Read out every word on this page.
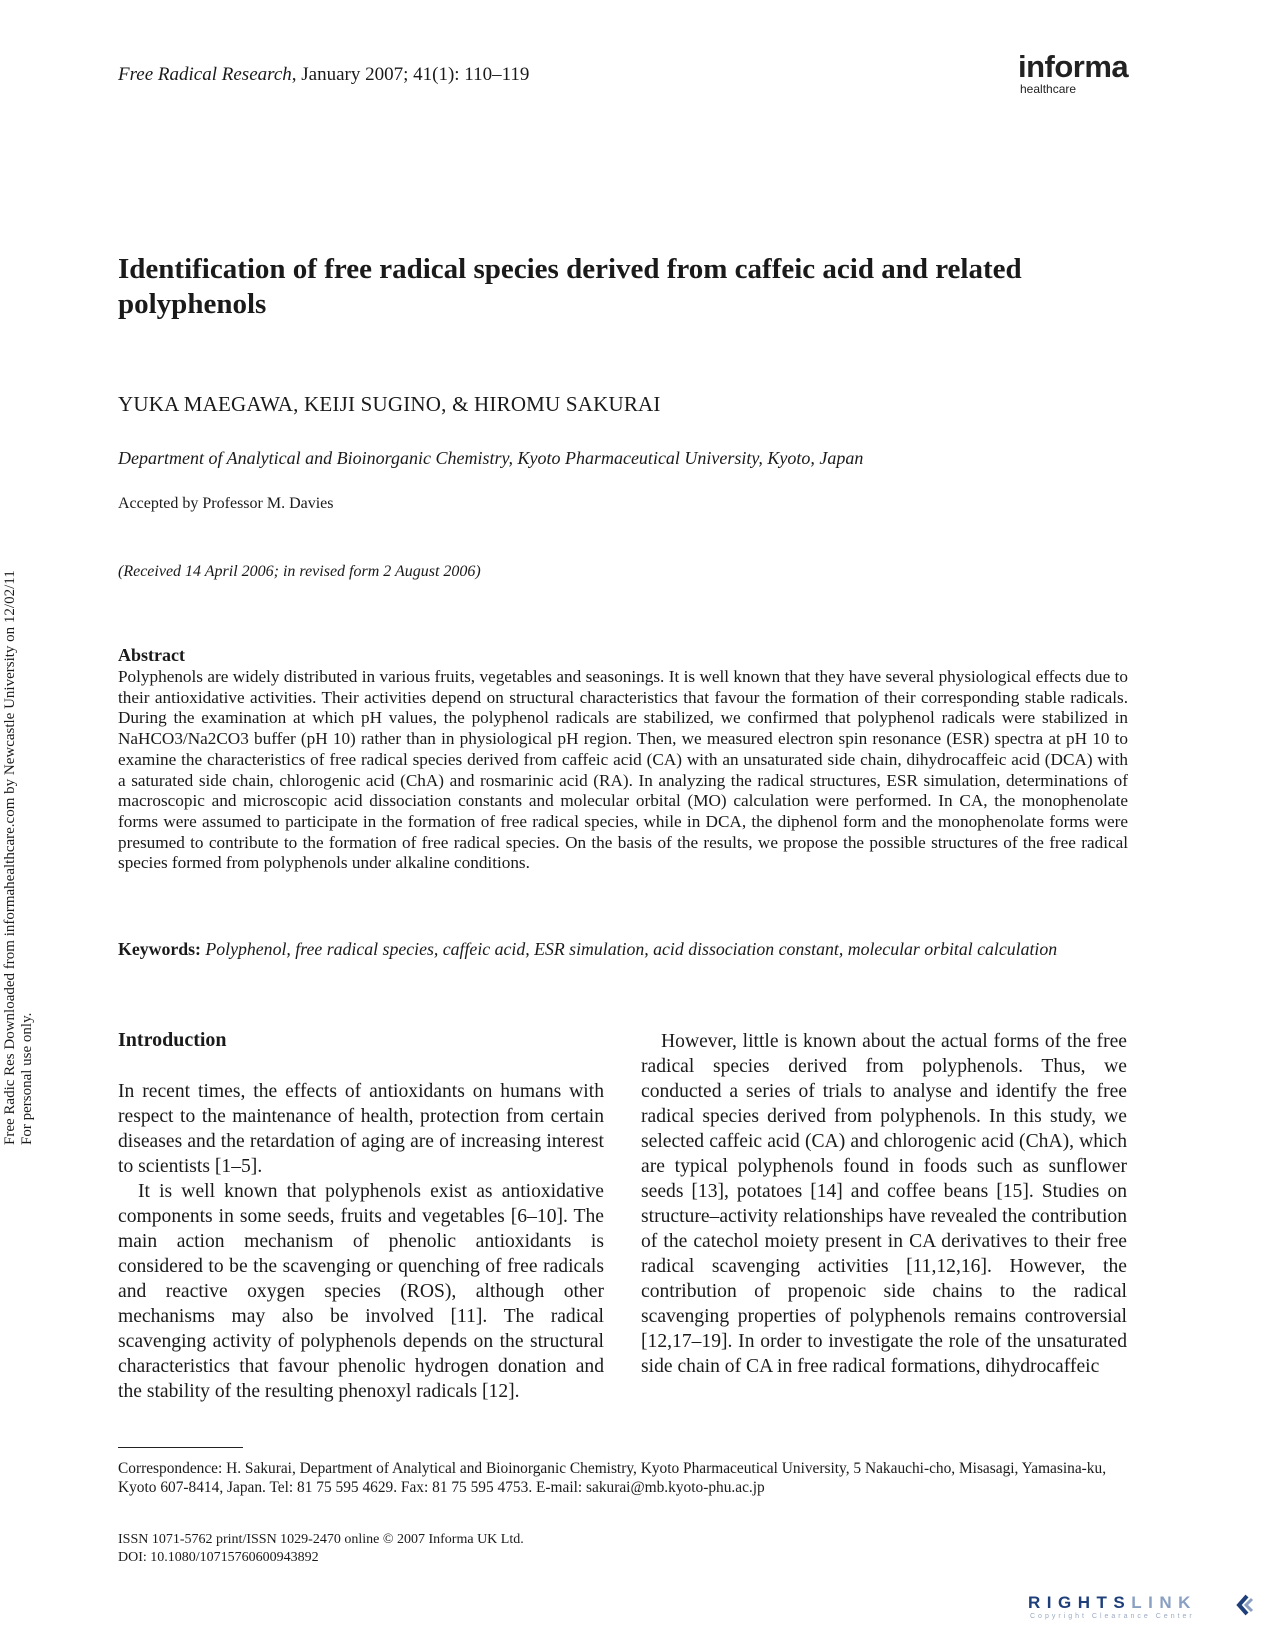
Free Radical Research, January 2007; 41(1): 110–119	informa
healthcare
Identification of free radical species derived from caffeic acid and related polyphenols
YUKA MAEGAWA, KEIJI SUGINO, & HIROMU SAKURAI
Department of Analytical and Bioinorganic Chemistry, Kyoto Pharmaceutical University, Kyoto, Japan
Accepted by Professor M. Davies
(Received 14 April 2006; in revised form 2 August 2006)
Abstract
Polyphenols are widely distributed in various fruits, vegetables and seasonings. It is well known that they have several physiological effects due to their antioxidative activities. Their activities depend on structural characteristics that favour the formation of their corresponding stable radicals. During the examination at which pH values, the polyphenol radicals are stabilized, we confirmed that polyphenol radicals were stabilized in NaHCO3/Na2CO3 buffer (pH 10) rather than in physiological pH region. Then, we measured electron spin resonance (ESR) spectra at pH 10 to examine the characteristics of free radical species derived from caffeic acid (CA) with an unsaturated side chain, dihydrocaffeic acid (DCA) with a saturated side chain, chlorogenic acid (ChA) and rosmarinic acid (RA). In analyzing the radical structures, ESR simulation, determinations of macroscopic and microscopic acid dissociation constants and molecular orbital (MO) calculation were performed. In CA, the monophenolate forms were assumed to participate in the formation of free radical species, while in DCA, the diphenol form and the monophenolate forms were presumed to contribute to the formation of free radical species. On the basis of the results, we propose the possible structures of the free radical species formed from polyphenols under alkaline conditions.
Keywords: Polyphenol, free radical species, caffeic acid, ESR simulation, acid dissociation constant, molecular orbital calculation
Introduction

In recent times, the effects of antioxidants on humans with respect to the maintenance of health, protection from certain diseases and the retardation of aging are of increasing interest to scientists [1–5].

It is well known that polyphenols exist as antioxidative components in some seeds, fruits and vegetables [6–10]. The main action mechanism of phenolic antioxidants is considered to be the scavenging or quenching of free radicals and reactive oxygen species (ROS), although other mechanisms may also be involved [11]. The radical scavenging activity of polyphenols depends on the structural characteristics that favour phenolic hydrogen donation and the stability of the resulting phenoxyl radicals [12].

However, little is known about the actual forms of the free radical species derived from polyphenols. Thus, we conducted a series of trials to analyse and identify the free radical species derived from polyphenols. In this study, we selected caffeic acid (CA) and chlorogenic acid (ChA), which are typical polyphenols found in foods such as sunflower seeds [13], potatoes [14] and coffee beans [15]. Studies on structure–activity relationships have revealed the contribution of the catechol moiety present in CA derivatives to their free radical scavenging activities [11,12,16]. However, the contribution of propenoic side chains to the radical scavenging properties of polyphenols remains controversial [12,17–19]. In order to investigate the role of the unsaturated side chain of CA in free radical formations, dihydrocaffeic

Correspondence: H. Sakurai, Department of Analytical and Bioinorganic Chemistry, Kyoto Pharmaceutical University, 5 Nakauchi-cho, Misasagi, Yamasina-ku, Kyoto 607-8414, Japan. Tel: 81 75 595 4629. Fax: 81 75 595 4753. E-mail: sakurai@mb.kyoto-phu.ac.jp
ISSN 1071-5762 print/ISSN 1029-2470 online © 2007 Informa UK Ltd.
DOI: 10.1080/10715760600943892
Free Radic Res Downloaded from informahealthcare.com by Newcastle University on 12/02/11
For personal use only.
RIGHTSLINK
Copyright Clearance Center
